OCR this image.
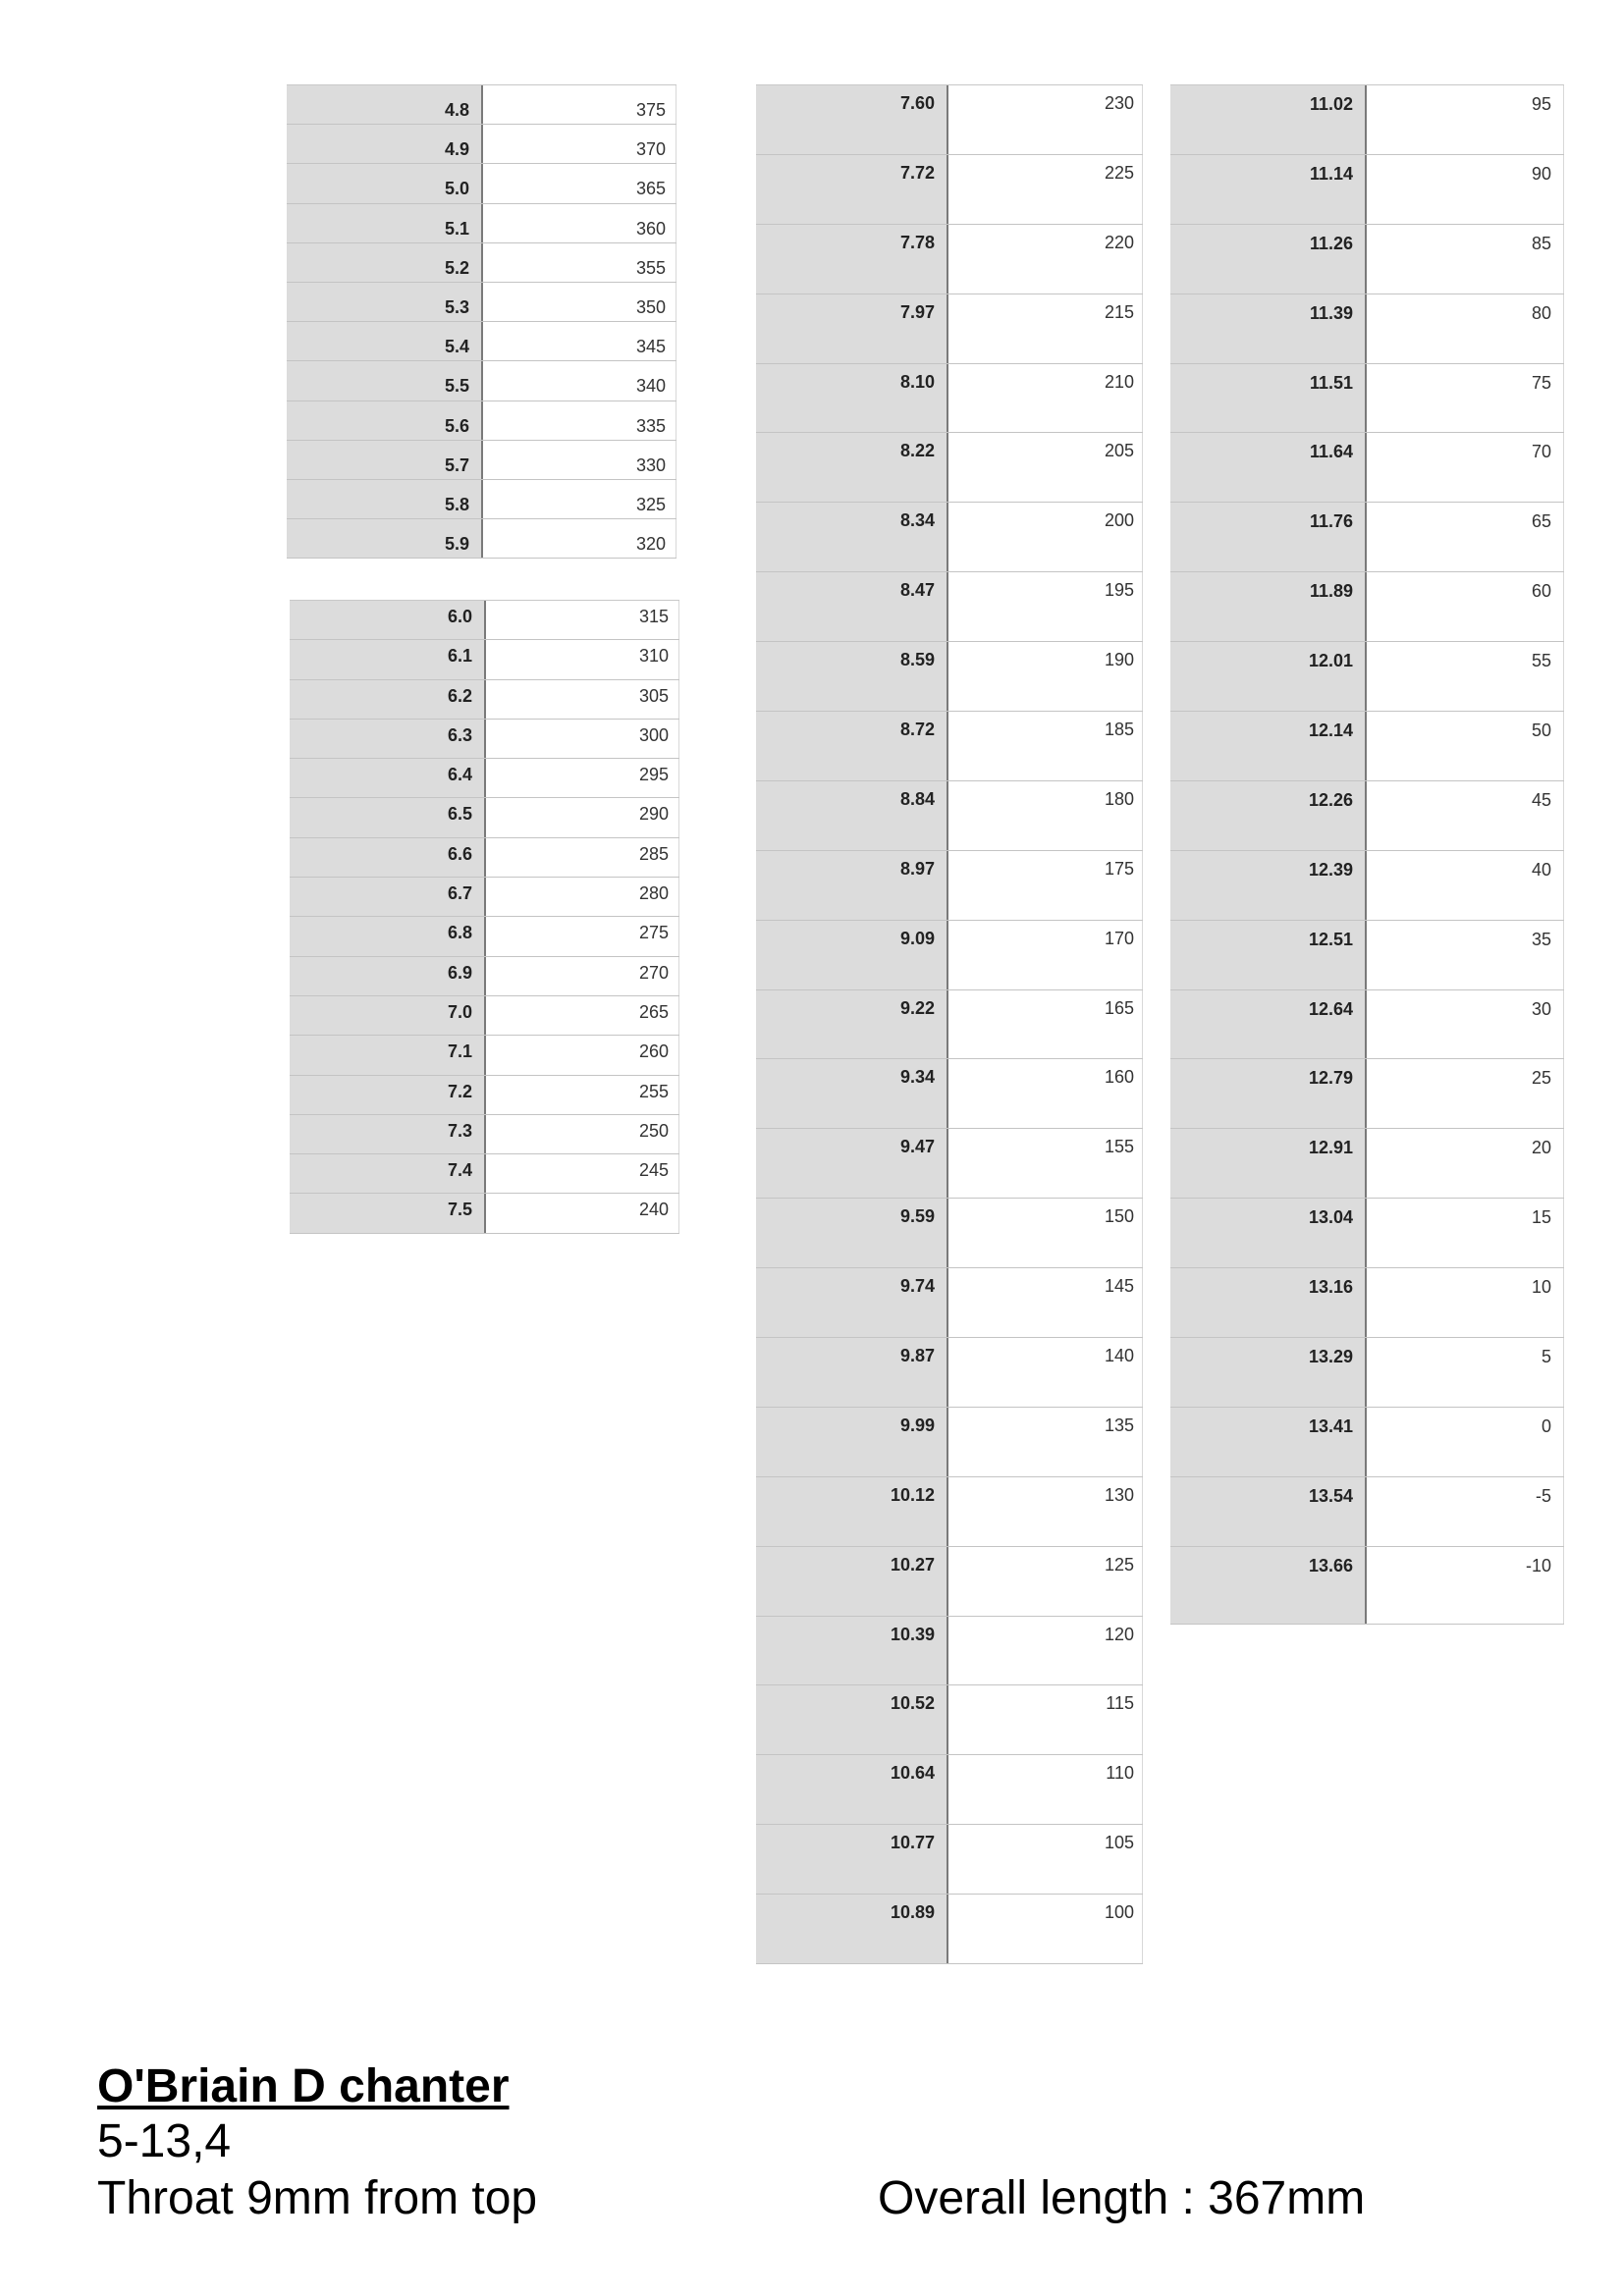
4.8	375
4.9	370
5.0	365
5.1	360
5.2	355
5.3	350
5.4	345
5.5	340
5.6	335
5.7	330
5.8	325
5.9	320
6.0	315
6.1	310
6.2	305
6.3	300
6.4	295
6.5	290
6.6	285
6.7	280
6.8	275
6.9	270
7.0	265
7.1	260
7.2	255
7.3	250
7.4	245
7.5	240
7.60	230
7.72	225
7.78	220
7.97	215
8.10	210
8.22	205
8.34	200
8.47	195
8.59	190
8.72	185
8.84	180
8.97	175
9.09	170
9.22	165
9.34	160
9.47	155
9.59	150
9.74	145
9.87	140
9.99	135
10.12	130
10.27	125
10.39	120
10.52	115
10.64	110
10.77	105
10.89	100
11.02	95
11.14	90
11.26	85
11.39	80
11.51	75
11.64	70
11.76	65
11.89	60
12.01	55
12.14	50
12.26	45
12.39	40
12.51	35
12.64	30
12.79	25
12.91	20
13.04	15
13.16	10
13.29	5
13.41	0
13.54	-5
13.66	-10
O'Briain D chanter
5-13,4
Throat 9mm from top	Overall length : 367mm
